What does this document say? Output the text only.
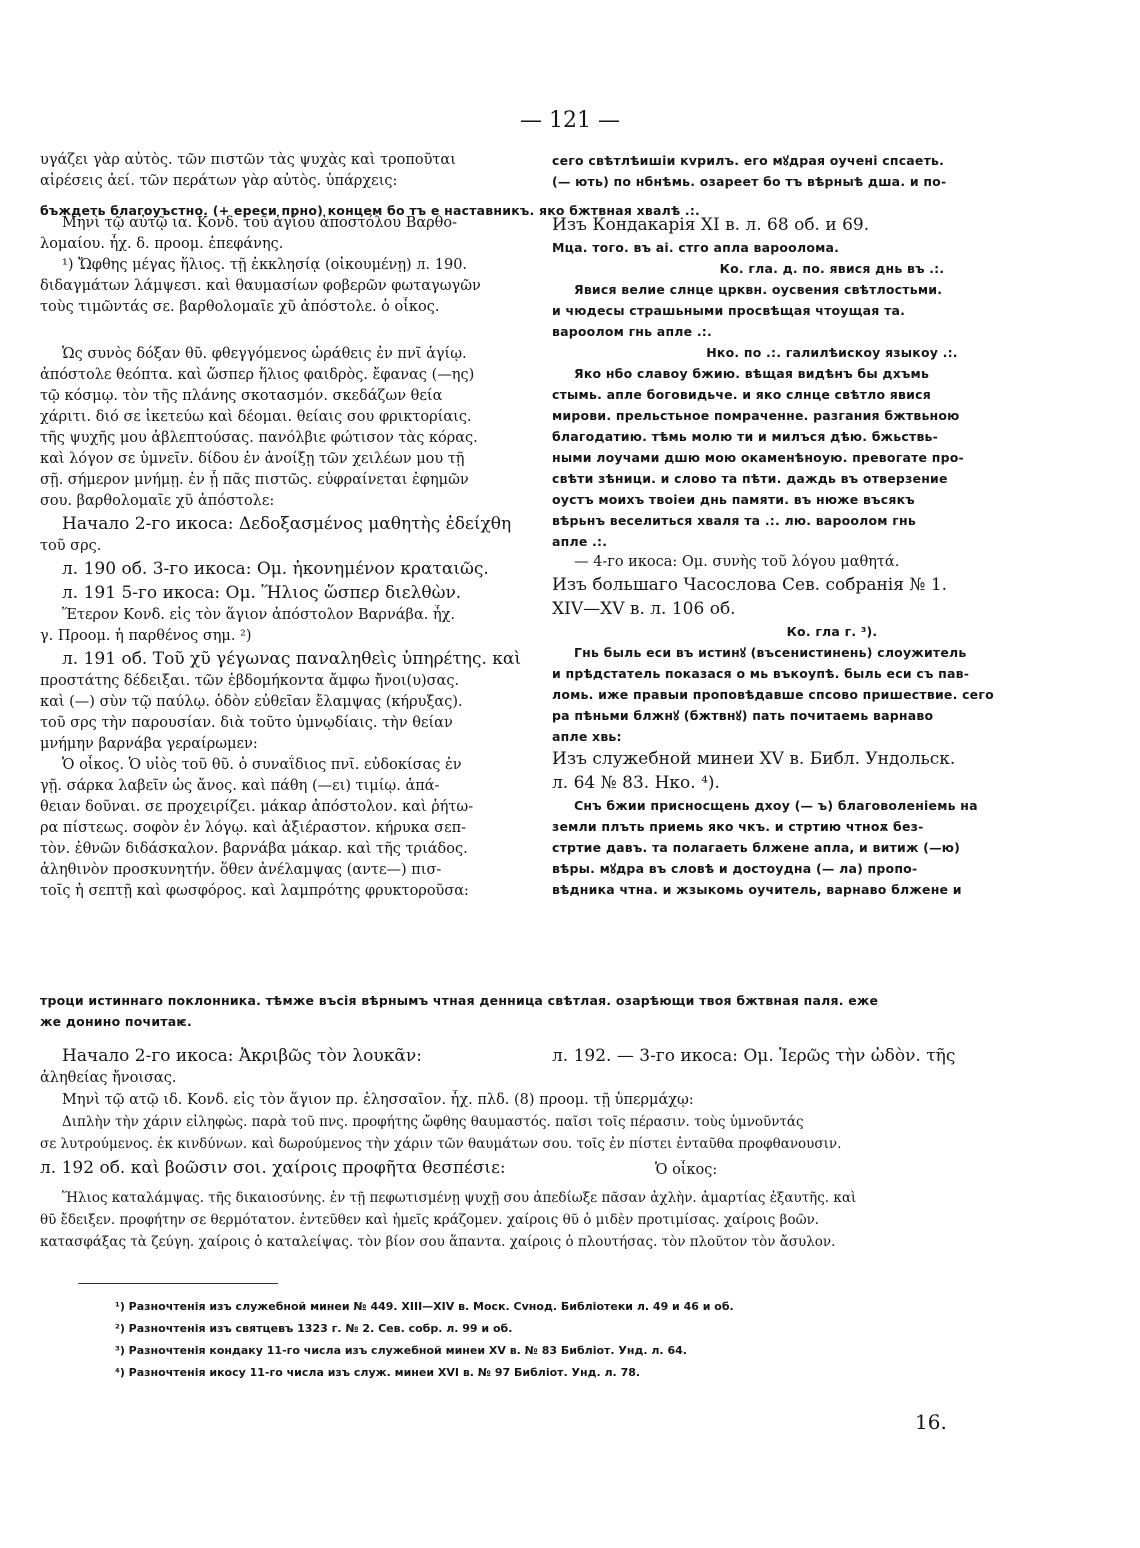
— 121 —

υγάζει γὰρ αὐτὸς. τῶν πιστῶν τὰς ψυχὰς καὶ τροποῦται

αἱρέσεις ἀεί. τῶν περάτων γὰρ αὐτὸς. ὑπάρχεις:

Μηνὶ τῷ αὐτῷ ια. Κονδ. τοῦ ἁγίου ἀποστόλου Βαρθο-

λομαίου. ἦχ. δ. προομ. ἐπεφάνης.

¹) Ὤφθης μέγας ἥλιος. τῇ ἐκκλησίᾳ (οἰκουμένῃ) л. 190.

διδαγμάτων λάμψεσι. καὶ θαυμασίων φοβερῶν φωταγωγῶν

τοὺς τιμῶντάς σε. βαρθολομαῖε χῦ ἀπόστολε. ὁ οἶκος.

Ὡς συνὸς δόξαν θῦ. φθεγγόμενος ὡράθεις ἐν πνῖ ἁγίῳ.

ἀπόστολε θεόπτα. καὶ ὥσπερ ἥλιος φαιδρὸς. ἔφανας (—ης)

τῷ κόσμῳ. τὸν τῆς πλάνης σκοτασμόν. σκεδάζων θεία

χάριτι. διό σε ἱκετεύω καὶ δέομαι. θείαις σου φρικτορίαις.

τῆς ψυχῆς μου ἀβλεπτούσας. πανόλβιε φώτισον τὰς κόρας.

καὶ λόγον σε ὑμνεῖν. δίδου ἐν ἀνοίξῃ τῶν χειλέων μου τῇ

σῇ. σήμερον μνήμῃ. ἐν ᾗ πᾶς πιστῶς. εὐφραίνεται ἐφημῶν

σου. βαρθολομαῖε χῦ ἀπόστολε:

Начало 2-го икоса: Δεδοξασμένος μαθητὴς ἐδείχθη

τοῦ σρς.

л. 190 об. 3-го икоса: Ομ. ἠκονημένον κραταιῶς.

л. 191 5-го икоса: Ομ. Ἥλιος ὥσπερ διελθὼν.

Ἕτερον Κονδ. εἰς τὸν ἅγιον ἀπόστολον Βαρνάβα. ἦχ.

γ. Προομ. ἡ παρθένος σημ. ²)

л. 191 об. Τοῦ χῦ γέγωνας παναληθεὶς ὑπηρέτης. καὶ

προστάτης δέδειξαι. τῶν ἑβδομήκοντα ἄμφω ἤνοι(υ)σας.

καὶ (—) σὺν τῷ παύλῳ. ὁδὸν εὐθεῖαν ἔλαμψας (κήρυξας).

τοῦ σρς τὴν παρουσίαν. διὰ τοῦτο ὑμνῳδίαις. τὴν θείαν

μνήμην βαρνάβα γεραίρωμεν:

Ὁ οἶκος. Ὁ υἱὸς τοῦ θῦ. ὁ συναΐδιος πνῖ. εὐδοκίσας ἐν

γῇ. σάρκα λαβεῖν ὡς ἄνος. καὶ πάθη (—ει) τιμίῳ. ἀπά-

θειαν δοῦναι. σε προχειρίζει. μάκαρ ἀπόστολον. καὶ ῥήτω-

ρα πίστεως. σοφὸν ἐν λόγῳ. καὶ ἀξιέραστον. κήρυκα σεπ-

τὸν. ἐθνῶν διδάσκαλον. βαρνάβα μάκαρ. καὶ τῆς τριάδος.

ἀληθινὸν προσκυνητήν. ὅθεν ἀνέλαμψας (αντε—) πισ-

τοῖς ἡ σεπτῇ καὶ φωσφόρος. καὶ λαμπρότης φρυκτοροῦσα:

сего свѣтлѣишiи кvрилъ. его мꙋдрая оучені спсаеть.

(— ють) по нбнѣмь. озареет бо тъ вѣрныѣ дша. и по-

Изъ Кондакарія XI в. л. 68 об. и 69.

Мца. того. въ аі. стго апла вароолома.

Ко. гла. д. по. явися днь въ .:.

Явися велие слнце црквн. оусвения свѣтлостьми.

и чюдесы страшьными просвѣщая чтоущая та.

вароолом гнь апле .:.

Нко. по .:. галилѣискоу языкоу .:.

Яко нбо славоу бжию. вѣщая видѣнъ бы дхъмь

стымь. апле боговидьче. и яко слнце свѣтло явися

мирови. прельстьное помраченне. разгания бжтвьною

благодатию. тѣмь молю ти и милъся дѣю. бжьствь-

ными лоучами дшю мою окаменѣноую. превогате про-

свѣти зѣници. и слово та пѣти. даждь въ отверзение

оустъ моихъ твоiеи днь памяти. въ нюже въсякъ

вѣрьнъ веселиться хваля та .:. лю. вароолом гнь

апле .:.

— 4-го икоса: Ομ. συνὴς τοῦ λόγου μαθητά.

Изъ большаго Часослова Сев. собранія № 1.

XIV—XV в. л. 106 об.

Ко. гла г. ³).

Гнь быль еси въ истинꙋ (въсенистинень) слоужитель

и прѣдстатель показася о мь въкоупѣ. быль еси съ пав-

ломь. иже правыи проповѣдавше спсово пришествие. сего

ра пѣньми блжнꙋ (бжтвнꙋ) пать почитаемь варнаво

апле хвь:

Изъ служебной минеи XV в. Библ. Ундольск.

л. 64 № 83. Нко. ⁴).

Снъ бжии присносщень дхоу (— ъ) благоволенiемь на

земли плъть приемь яко чкъ. и стртию чтноѫ без-

стртие давъ. та полагаеть блжене апла, и витиж (—ю)

вѣры. мꙋдра въ словѣ и достоудна (— ла) пропо-

вѣдника чтна. и жзыкомь оучитель, варнаво блжене и

бъждеть благоуъстно. (+ ереси прно) концем бо тъ е наставникъ. яко бжтвная хвалѣ .:.

троци истиннаго поклонника. тѣмже въсiя вѣрнымъ чтная денница свѣтлая. озарѣющи твоя бжтвная паля. еже

же донино почитаѥ.

Начало 2-го икоса: Ἀκριβῶς τὸν λουκᾶν:	л. 192. — 3-го икоса: Ομ. Ἱερῶς τὴν ὠδὸν. τῆς

ἀληθείας ἤνοισας.

Μηνὶ τῷ ατῷ ιδ. Κονδ. εἰς τὸν ἅγιον πρ. ἐλησσαῖον. ἦχ. πλδ. (8) προομ. τῇ ὑπερμάχῳ:

Διπλὴν τὴν χάριν εἰληφὼς. παρὰ τοῦ πνς. προφήτης ὤφθης θαυμαστός. παῖσι τοῖς πέρασιν. τοὺς ὑμνοῦντάς

σε λυτρούμενος. ἐκ κινδύνων. καὶ δωρούμενος τὴν χάριν τῶν θαυμάτων σου. τοῖς ἐν πίστει ἐνταῦθα προφθανουσιν.

л. 192 об. καὶ βοῶσιν σοι. χαίροις προφῆτα θεσπέσιε:	Ὁ οἶκος:

Ἥλιος καταλάμψας. τῆς δικαιοσύνης. ἐν τῇ πεφωτισμένῃ ψυχῇ σου ἀπεδίωξε πᾶσαν ἀχλὴν. ἁμαρτίας ἐξαυτῆς. καὶ

θῦ ἔδειξεν. προφήτην σε θερμότατον. ἐντεῦθεν καὶ ἡμεῖς κράζομεν. χαίροις θῦ ὁ μιδὲν προτιμίσας. χαίροις βοῶν.

κατασφάξας τὰ ζεύγη. χαίροις ὁ καταλείψας. τὸν βίον σου ἅπαντα. χαίροις ὁ πλουτήσας. τὸν πλοῦτον τὸν ἄσυλον.

¹) Разночтенія изъ служебной минеи № 449. XIII—XIV в. Моск. Сvнод. Библіотеки л. 49 и 46 и об.
²) Разночтенія изъ святцевъ 1323 г. № 2. Сев. собр. л. 99 и об.
³) Разночтенія кондаку 11-го числа изъ служебной минеи XV в. № 83 Библіот. Унд. л. 64.
⁴) Разночтенія икосу 11-го числа изъ служ. минеи XVI в. № 97 Библіот. Унд. л. 78.
16.
